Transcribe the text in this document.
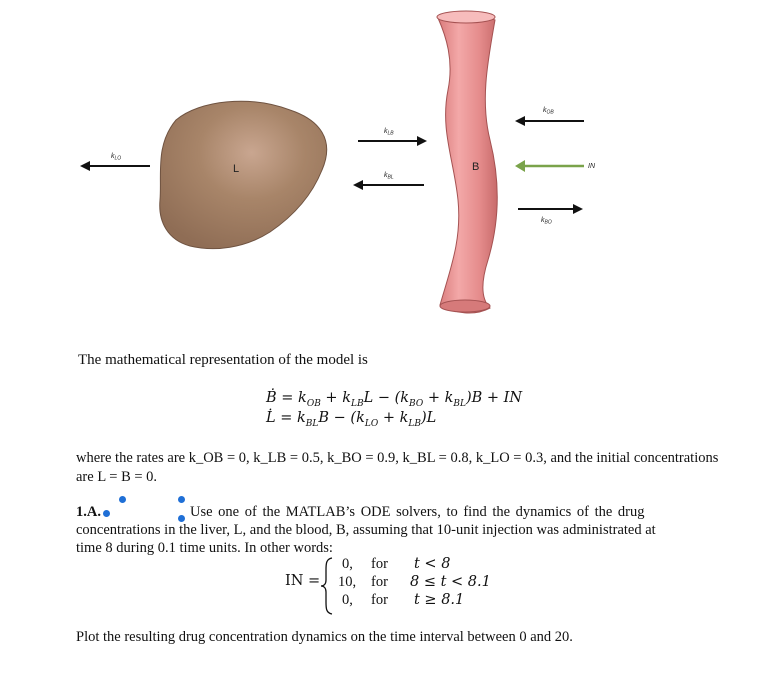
L	B
$k_{LO}$
$k_{LB}$
$k_{BL}$
$k_{OB}$
IN
$k_{BO}$
The mathematical representation of the model is
Ḃ = $k_{OB} + k_{LB}L - (k_{BO} + k_{BL})B$ + IN
L̇ = $k_{BL}B - (k_{LO} + k_{LB})L$
where the rates are k_OB = 0, k_LB = 0.5, k_BO = 0.9, k_BL = 0.8, k_LO = 0.3, and the initial concentrations
are L = B = 0.
1.A.	Use one of the MATLAB’s ODE solvers, to find the dynamics of the drug
concentrations in the liver, L, and the blood, B, assuming that 10-unit injection was administrated at
time 8 during 0.1 time units. In other words:
IN =
0, for t < 8
10, for 8 ≤ t < 8.1
0, for t ≥ 8.1
Plot the resulting drug concentration dynamics on the time interval between 0 and 20.
